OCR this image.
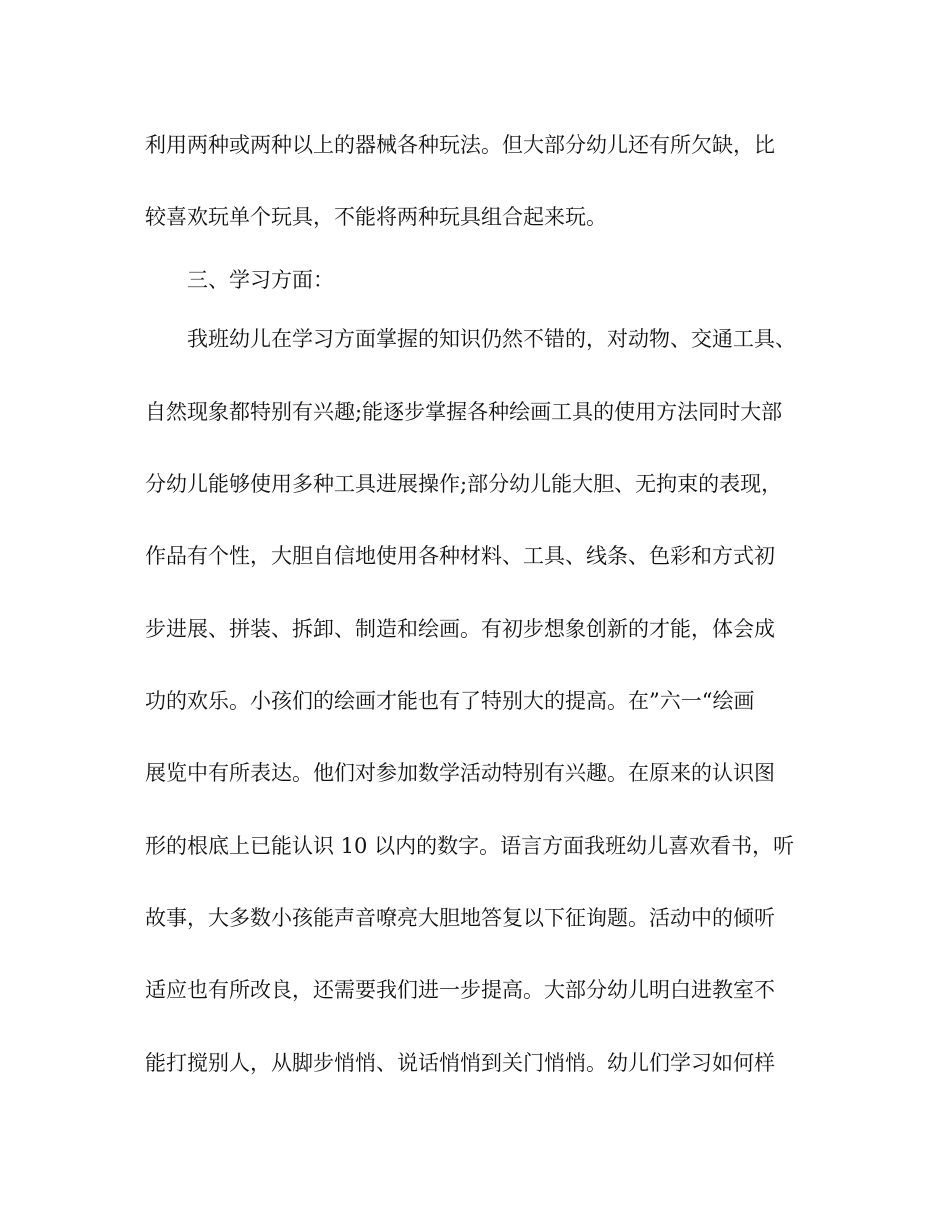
利用两种或两种以上的器械各种玩法。但大部分幼儿还有所欠缺，比
较喜欢玩单个玩具，不能将两种玩具组合起来玩。
三、学习方面：
我班幼儿在学习方面掌握的知识仍然不错的，对动物、交通工具、
自然现象都特别有兴趣;能逐步掌握各种绘画工具的使用方法同时大部
分幼儿能够使用多种工具进展操作;部分幼儿能大胆、无拘束的表现，
作品有个性，大胆自信地使用各种材料、工具、线条、色彩和方式初
步进展、拼装、拆卸、制造和绘画。有初步想象创新的才能，体会成
功的欢乐。小孩们的绘画才能也有了特别大的提高。在”六一“绘画
展览中有所表达。他们对参加数学活动特别有兴趣。在原来的认识图
形的根底上已能认识 10 以内的数字。语言方面我班幼儿喜欢看书，听
故事，大多数小孩能声音嘹亮大胆地答复以下征询题。活动中的倾听
适应也有所改良，还需要我们进一步提高。大部分幼儿明白进教室不
能打搅别人，从脚步悄悄、说话悄悄到关门悄悄。幼儿们学习如何样
